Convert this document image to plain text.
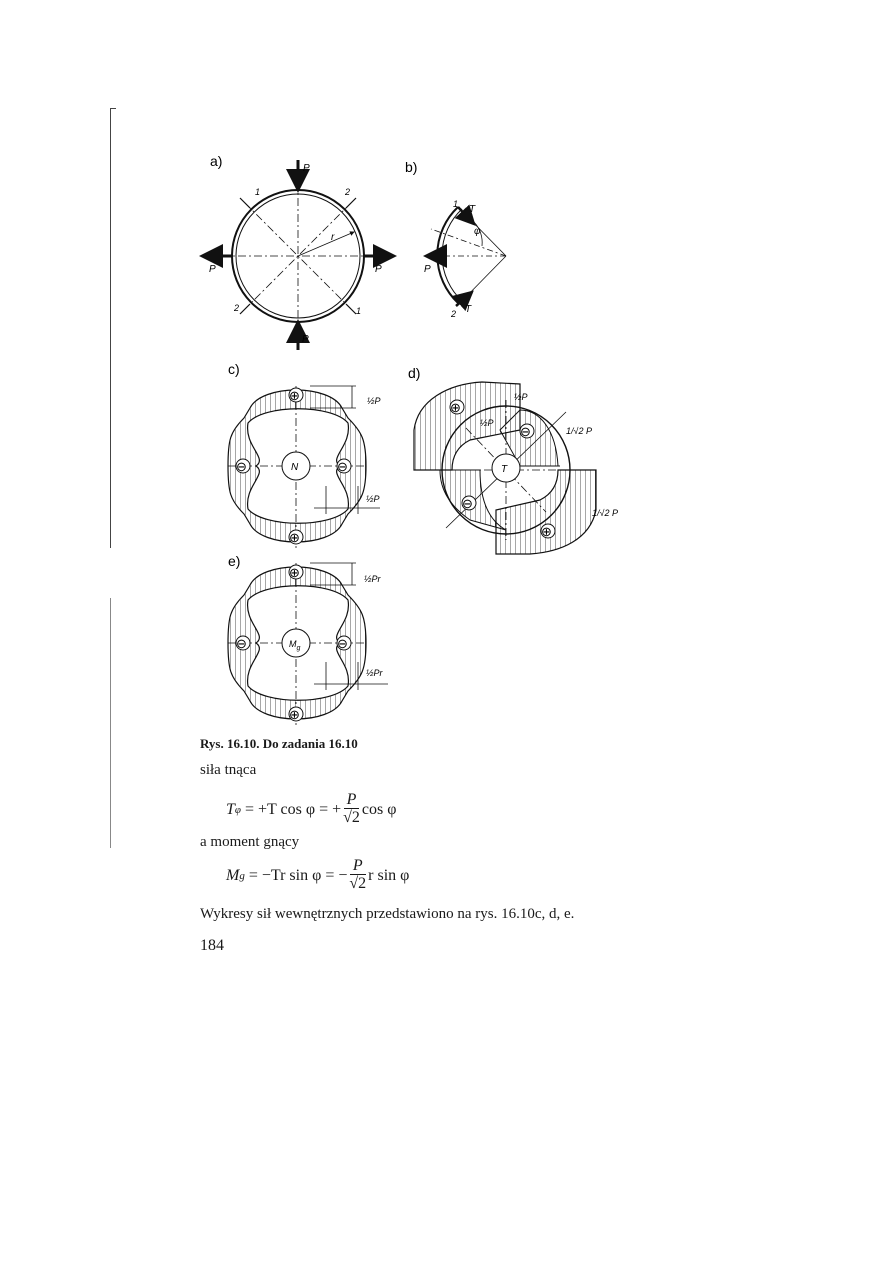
a)	P
P
P	P
r
1	2
2	1
b)
1
2
T
T
φ
P
c)
⊕
⊕
⊖	⊖
N
½P
½P
d)
⊕
⊖
⊖
⊕
T
½P
½P
1/√2 P
1/√2 P
e)
⊕
⊕
⊖	⊖
$M_g$
½Pr
½Pr
Rys. 16.10. Do zadania 16.10
siła tnąca
T φ = +T cos φ = + $\frac{P}{√2}$ cos φ
a moment gnący
M g = −Tr sin φ = − $\frac{P}{√2}$ r sin φ
Wykresy sił wewnętrznych przedstawiono na rys. 16.10c, d, e.
184
